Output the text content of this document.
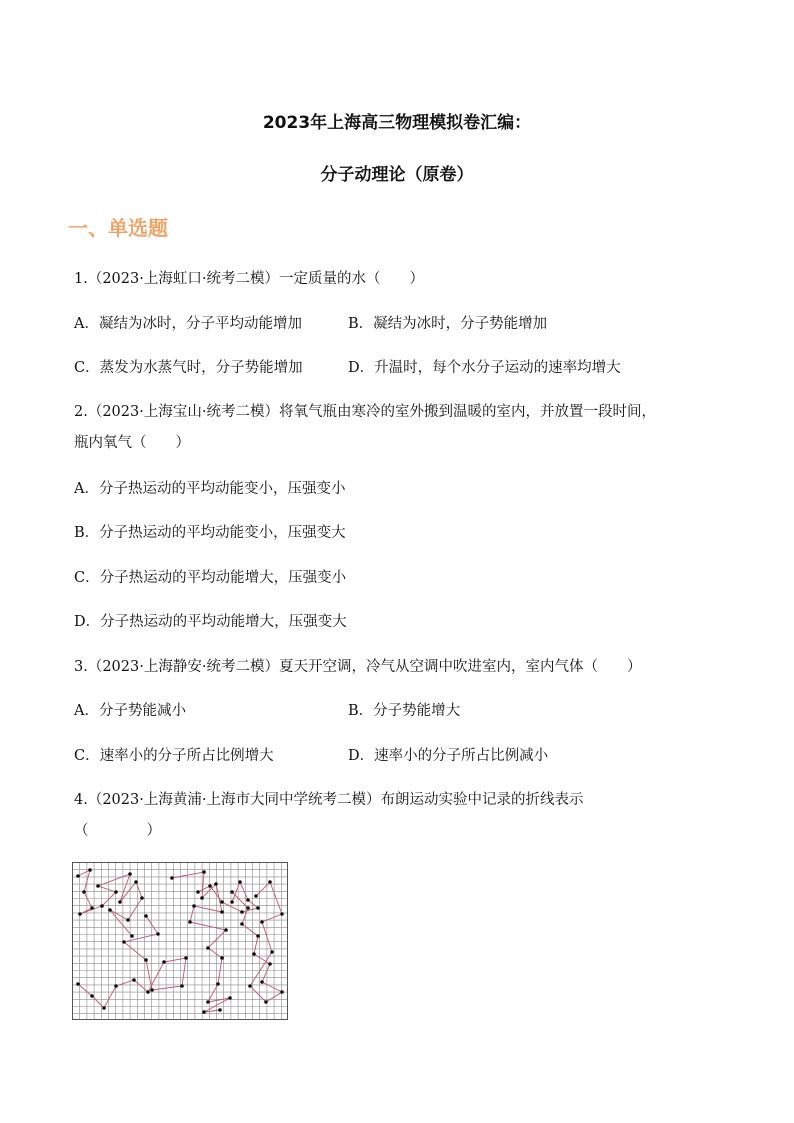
2023年上海高三物理模拟卷汇编：
分子动理论（原卷）
一、单选题
1.（2023·上海虹口·统考二模）一定质量的水（　　）
A．凝结为冰时，分子平均动能增加	B．凝结为冰时，分子势能增加
C．蒸发为水蒸气时，分子势能增加	D．升温时，每个水分子运动的速率均增大
2.（2023·上海宝山·统考二模）将氧气瓶由寒冷的室外搬到温暖的室内，并放置一段时间，
瓶内氧气（　　）
A．分子热运动的平均动能变小，压强变小
B．分子热运动的平均动能变小，压强变大
C．分子热运动的平均动能增大，压强变小
D．分子热运动的平均动能增大，压强变大
3.（2023·上海静安·统考二模）夏天开空调，冷气从空调中吹进室内，室内气体（　　）
A．分子势能减小	B．分子势能增大
C．速率小的分子所占比例增大	D．速率小的分子所占比例减小
4.（2023·上海黄浦·上海市大同中学统考二模）布朗运动实验中记录的折线表示
（　　　　）
